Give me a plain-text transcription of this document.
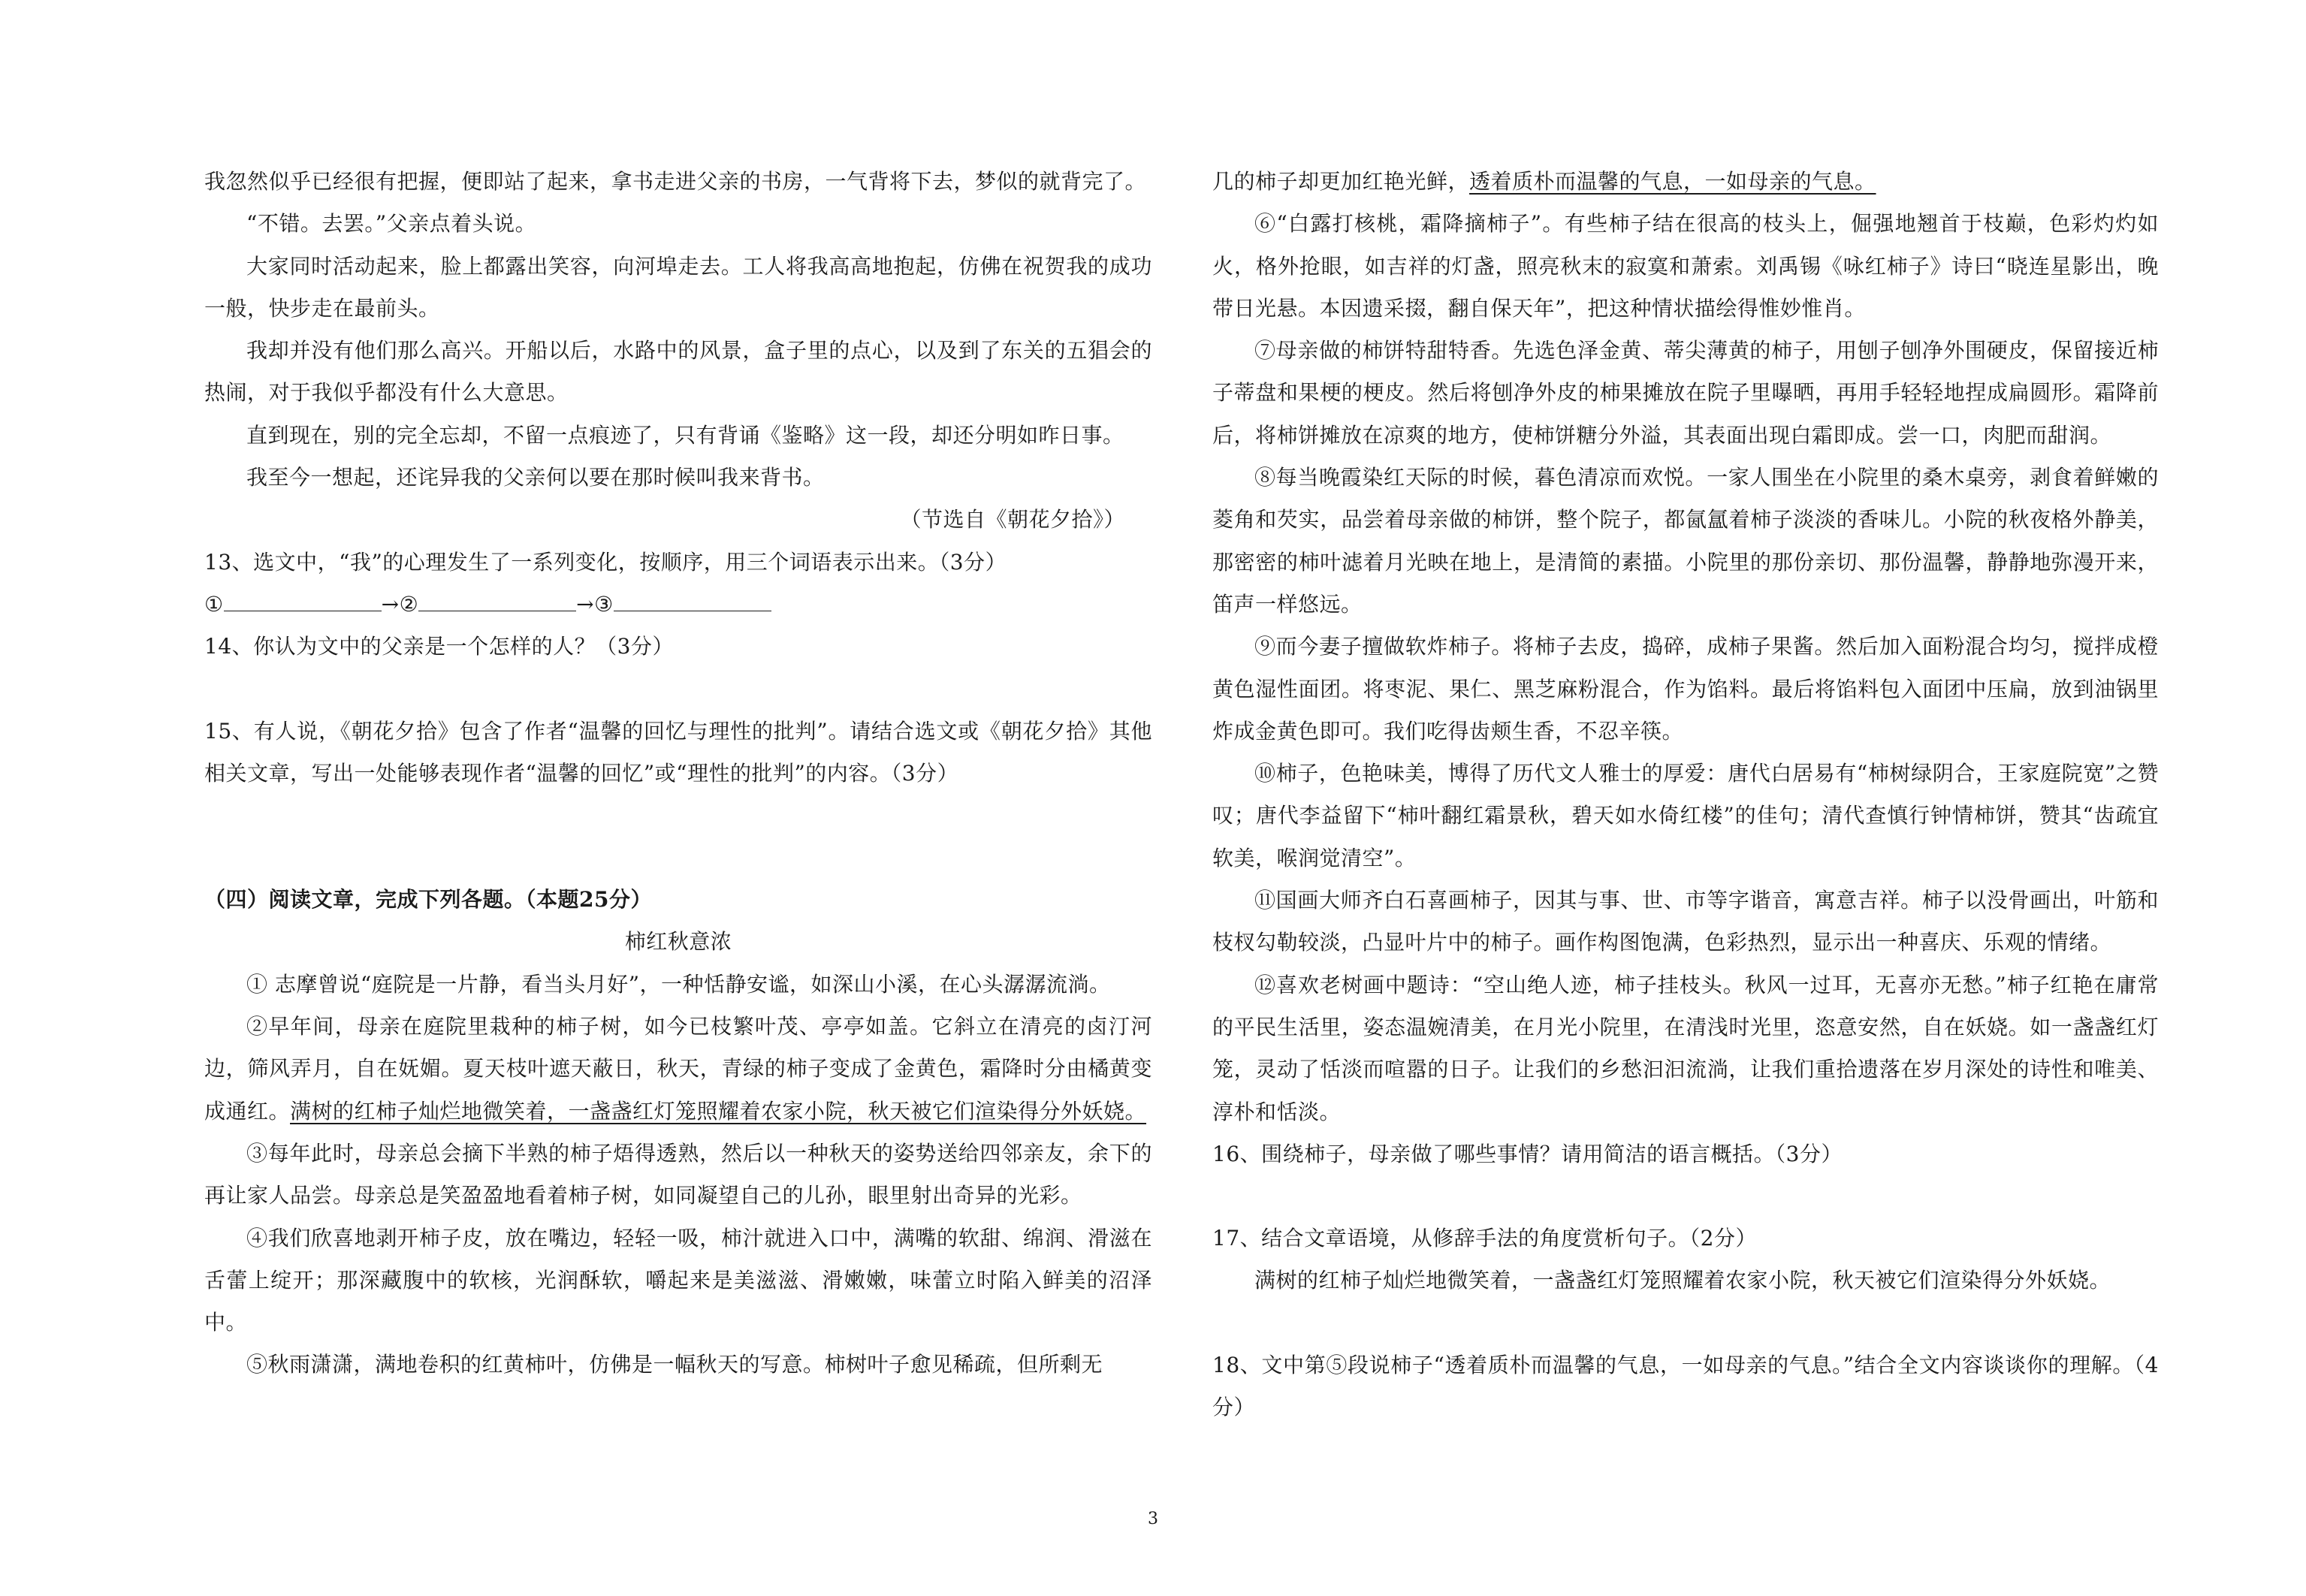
我忽然似乎已经很有把握，便即站了起来，拿书走进父亲的书房，一气背将下去，梦似的就背完了。

“不错。去罢。”父亲点着头说。

大家同时活动起来，脸上都露出笑容，向河埠走去。工人将我高高地抱起，仿佛在祝贺我的成功一般，快步走在最前头。

我却并没有他们那么高兴。开船以后，水路中的风景，盒子里的点心，以及到了东关的五猖会的热闹，对于我似乎都没有什么大意思。

直到现在，别的完全忘却，不留一点痕迹了，只有背诵《鉴略》这一段，却还分明如昨日事。

我至今一想起，还诧异我的父亲何以要在那时候叫我来背书。

（节选自《朝花夕拾》）

13、选文中，“我”的心理发生了一系列变化，按顺序，用三个词语表示出来。（3分）

①	→②	→③

14、你认为文中的父亲是一个怎样的人？（3分）

15、有人说，《朝花夕拾》包含了作者“温馨的回忆与理性的批判”。请结合选文或《朝花夕拾》其他相关文章，写出一处能够表现作者“温馨的回忆”或“理性的批判”的内容。（3分）

（四）阅读文章，完成下列各题。（本题25分）

柿红秋意浓

① 志摩曾说“庭院是一片静，看当头月好”，一种恬静安谧，如深山小溪，在心头潺潺流淌。

②早年间，母亲在庭院里栽种的柿子树，如今已枝繁叶茂、亭亭如盖。它斜立在清亮的卤汀河边，筛风弄月，自在妩媚。夏天枝叶遮天蔽日，秋天，青绿的柿子变成了金黄色，霜降时分由橘黄变成通红。满树的红柿子灿烂地微笑着，一盏盏红灯笼照耀着农家小院，秋天被它们渲染得分外妖娆。

③每年此时，母亲总会摘下半熟的柿子焐得透熟，然后以一种秋天的姿势送给四邻亲友，余下的再让家人品尝。母亲总是笑盈盈地看着柿子树，如同凝望自己的儿孙，眼里射出奇异的光彩。

④我们欣喜地剥开柿子皮，放在嘴边，轻轻一吸，柿汁就进入口中，满嘴的软甜、绵润、滑滋在舌蕾上绽开；那深藏腹中的软核，光润酥软，嚼起来是美滋滋、滑嫩嫩，味蕾立时陷入鲜美的沼泽中。

⑤秋雨潇潇，满地卷积的红黄柿叶，仿佛是一幅秋天的写意。柿树叶子愈见稀疏，但所剩无

几的柿子却更加红艳光鲜，透着质朴而温馨的气息，一如母亲的气息。

⑥“白露打核桃，霜降摘柿子”。有些柿子结在很高的枝头上，倔强地翘首于枝巅，色彩灼灼如火，格外抢眼，如吉祥的灯盏，照亮秋末的寂寞和萧索。刘禹锡《咏红柿子》诗曰“晓连星影出，晚带日光悬。本因遗采掇，翻自保天年”，把这种情状描绘得惟妙惟肖。

⑦母亲做的柿饼特甜特香。先选色泽金黄、蒂尖薄黄的柿子，用刨子刨净外围硬皮，保留接近柿子蒂盘和果梗的梗皮。然后将刨净外皮的柿果摊放在院子里曝晒，再用手轻轻地捏成扁圆形。霜降前后，将柿饼摊放在凉爽的地方，使柿饼糖分外溢，其表面出现白霜即成。尝一口，肉肥而甜润。

⑧每当晚霞染红天际的时候，暮色清凉而欢悦。一家人围坐在小院里的桑木桌旁，剥食着鲜嫩的菱角和芡实，品尝着母亲做的柿饼，整个院子，都氤氲着柿子淡淡的香味儿。小院的秋夜格外静美，那密密的柿叶滤着月光映在地上，是清简的素描。小院里的那份亲切、那份温馨，静静地弥漫开来，笛声一样悠远。

⑨而今妻子擅做软炸柿子。将柿子去皮，捣碎，成柿子果酱。然后加入面粉混合均匀，搅拌成橙黄色湿性面团。将枣泥、果仁、黑芝麻粉混合，作为馅料。最后将馅料包入面团中压扁，放到油锅里炸成金黄色即可。我们吃得齿颊生香，不忍辛筷。

⑩柿子，色艳味美，博得了历代文人雅士的厚爱：唐代白居易有“柿树绿阴合，王家庭院宽”之赞叹；唐代李益留下“柿叶翻红霜景秋，碧天如水倚红楼”的佳句；清代查慎行钟情柿饼，赞其“齿疏宜软美，喉润觉清空”。

⑪国画大师齐白石喜画柿子，因其与事、世、市等字谐音，寓意吉祥。柿子以没骨画出，叶筋和枝杈勾勒较淡，凸显叶片中的柿子。画作构图饱满，色彩热烈，显示出一种喜庆、乐观的情绪。

⑫喜欢老树画中题诗：“空山绝人迹，柿子挂枝头。秋风一过耳，无喜亦无愁。”柿子红艳在庸常的平民生活里，姿态温婉清美，在月光小院里，在清浅时光里，恣意安然，自在妖娆。如一盏盏红灯笼，灵动了恬淡而喧嚣的日子。让我们的乡愁汩汩流淌，让我们重拾遗落在岁月深处的诗性和唯美、淳朴和恬淡。

16、围绕柿子，母亲做了哪些事情？请用简洁的语言概括。（3分）

17、结合文章语境，从修辞手法的角度赏析句子。（2分）

满树的红柿子灿烂地微笑着，一盏盏红灯笼照耀着农家小院，秋天被它们渲染得分外妖娆。

18、文中第⑤段说柿子“透着质朴而温馨的气息，一如母亲的气息。”结合全文内容谈谈你的理解。（4分）

3
